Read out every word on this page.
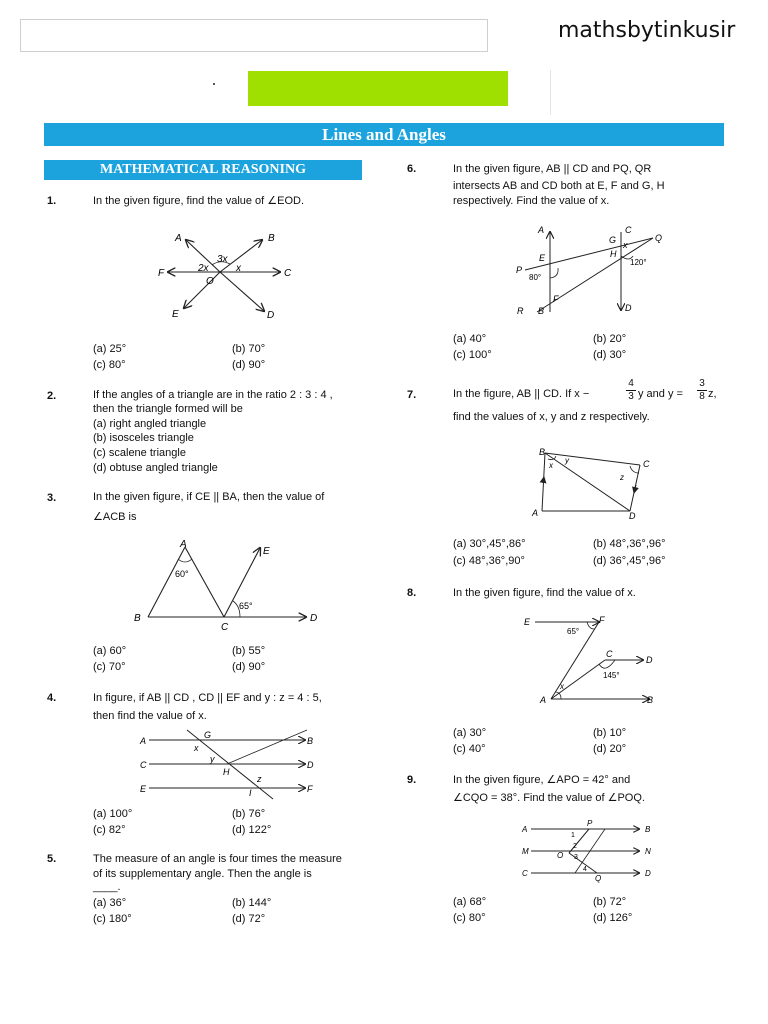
mathsbytinkusir
Lines and Angles
MATHEMATICAL REASONING
1.	In the given figure, find the value of ∠EOD.
A	B
C
D
E
F
O
3x
2x	x
(a) 25°	(b) 70°
(c) 80°	(d) 90°
2.	If the angles of a triangle are in the ratio 2 : 3 : 4 ,
then the triangle formed will be
(a) right angled triangle
(b) isosceles triangle
(c) scalene triangle
(d) obtuse angled triangle
3.	In the given figure, if CE || BA, then the value of
∠ACB is
A
B
C
D
E
60°
65°
(a) 60°	(b) 55°
(c) 70°	(d) 90°
4.	In figure, if AB || CD , CD || EF and y : z = 4 : 5,
then find the value of x.
A	B
C	D
E	F
G
H
I
x
y
z
(a) 100°	(b) 76°
(c) 82°	(d) 122°
5.	The measure of an angle is four times the measure
of its supplementary angle. Then the angle is
____.
(a) 36°	(b) 144°
(c) 180°	(d) 72°
6.	In the given figure, AB || CD and PQ, QR
intersects AB and CD both at E, F and G, H
respectively. Find the value of x.
A
B
C
D
E
F
G
H
P
Q
R
x
80°
120°
(a) 40°	(b) 20°
(c) 100°	(d) 30°
7.	In the figure, AB || CD. If x −	$\frac{4}{3}$ y and $y = \frac{3}{8} z$,
find the values of x, y and z respectively.
B
A
C
D
x
y
z
(a) 30°,45°,86°	(b) 48°,36°,96°
(c) 48°,36°,90°	(d) 36°,45°,96°
8.	In the given figure, find the value of x.
E	F
C
D
A	B
x
65°
145°
(a) 30°	(b) 10°
(c) 40°	(d) 20°
9.	In the given figure, ∠APO = 42° and
∠CQO = 38°. Find the value of ∠POQ.
A	B
M	N
C	D
P
O
Q
1
2
3
4
(a) 68°	(b) 72°
(c) 80°	(d) 126°
